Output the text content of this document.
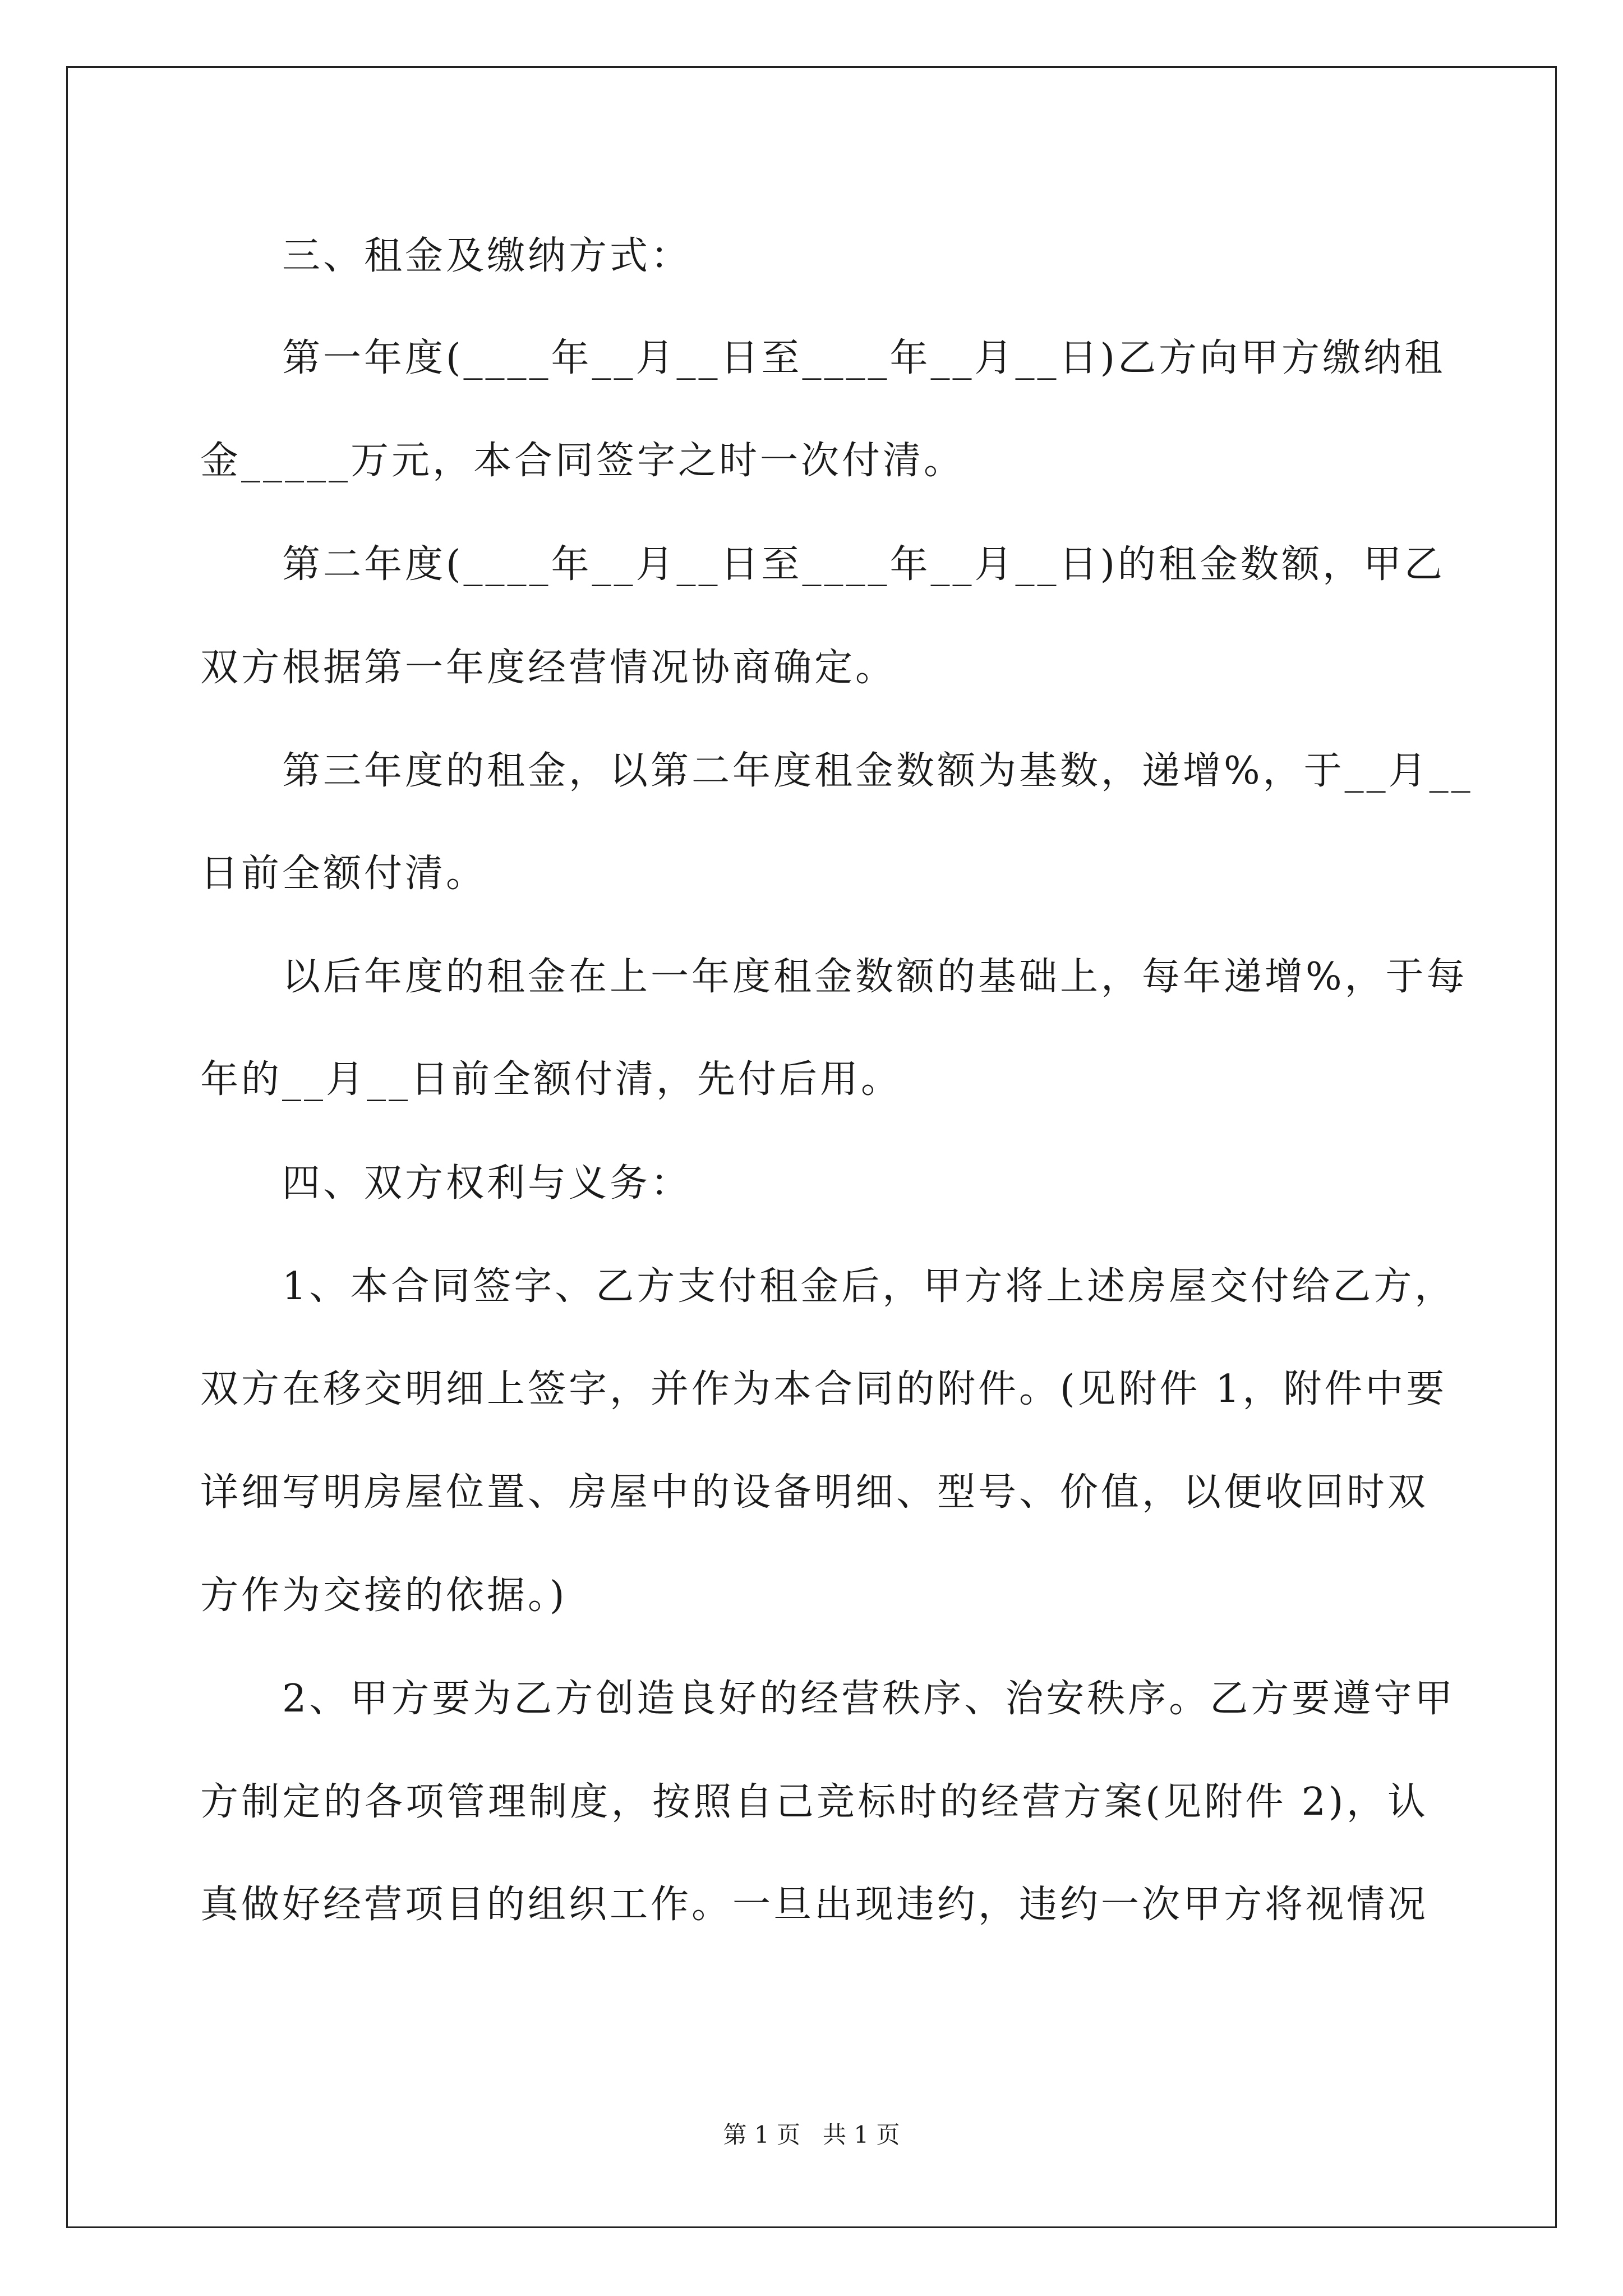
三、租金及缴纳方式：
第一年度(____年__月__日至____年__月__日)乙方向甲方缴纳租
金_____万元，本合同签字之时一次付清。
第二年度(____年__月__日至____年__月__日)的租金数额，甲乙
双方根据第一年度经营情况协商确定。
第三年度的租金，以第二年度租金数额为基数，递增%，于__月__
日前全额付清。
以后年度的租金在上一年度租金数额的基础上，每年递增%，于每
年的__月__日前全额付清，先付后用。
四、双方权利与义务：
1、本合同签字、乙方支付租金后，甲方将上述房屋交付给乙方，
双方在移交明细上签字，并作为本合同的附件。(见附件 1，附件中要
详细写明房屋位置、房屋中的设备明细、型号、价值，以便收回时双
方作为交接的依据。)
2、甲方要为乙方创造良好的经营秩序、治安秩序。乙方要遵守甲
方制定的各项管理制度，按照自己竞标时的经营方案(见附件 2)，认
真做好经营项目的组织工作。一旦出现违约，违约一次甲方将视情况
第 1 页   共 1 页
